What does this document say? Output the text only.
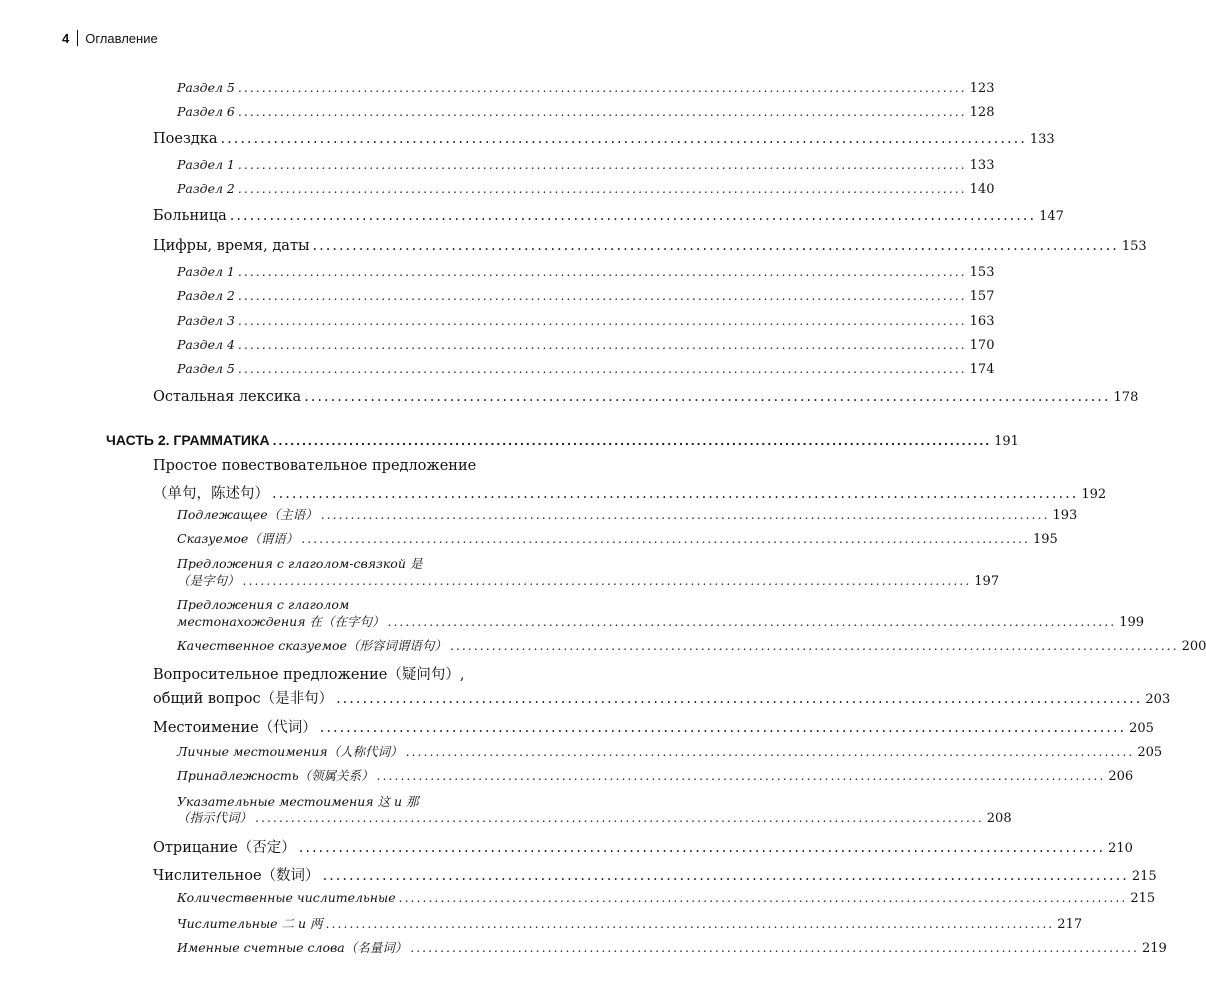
4 Оглавление
Раздел 5 .......................................................................................................................... 123
Раздел 6 .......................................................................................................................... 128
Поездка .......................................................................................................................... 133
Раздел 1 .......................................................................................................................... 133
Раздел 2 .......................................................................................................................... 140
Больница .......................................................................................................................... 147
Цифры, время, даты .......................................................................................................................... 153
Раздел 1 .......................................................................................................................... 153
Раздел 2 .......................................................................................................................... 157
Раздел 3 .......................................................................................................................... 163
Раздел 4 .......................................................................................................................... 170
Раздел 5 .......................................................................................................................... 174
Остальная лексика .......................................................................................................................... 178
ЧАСТЬ 2. ГРАММАТИКА .......................................................................................................................... 191
Простое повествовательное предложение
（单句，陈述句） .......................................................................................................................... 192
Подлежащее（主语） .......................................................................................................................... 193
Сказуемое（谓语） .......................................................................................................................... 195
Предложения с глаголом-связкой 是
（是字句） .......................................................................................................................... 197
Предложения с глаголом
местонахождения 在（在字句） .......................................................................................................................... 199
Качественное сказуемое（形容词谓语句） .......................................................................................................................... 200
Вопросительное предложение（疑问句）,
общий вопрос（是非句） .......................................................................................................................... 203
Местоимение（代词） .......................................................................................................................... 205
Личные местоимения（人称代词） .......................................................................................................................... 205
Принадлежность（领属关系） .......................................................................................................................... 206
Указательные местоимения 这 и 那
（指示代词） .......................................................................................................................... 208
Отрицание（否定） .......................................................................................................................... 210
Числительное（数词） .......................................................................................................................... 215
Количественные числительные .......................................................................................................................... 215
Числительные 二 и 两 .......................................................................................................................... 217
Именные счетные слова（名量词） .......................................................................................................................... 219
